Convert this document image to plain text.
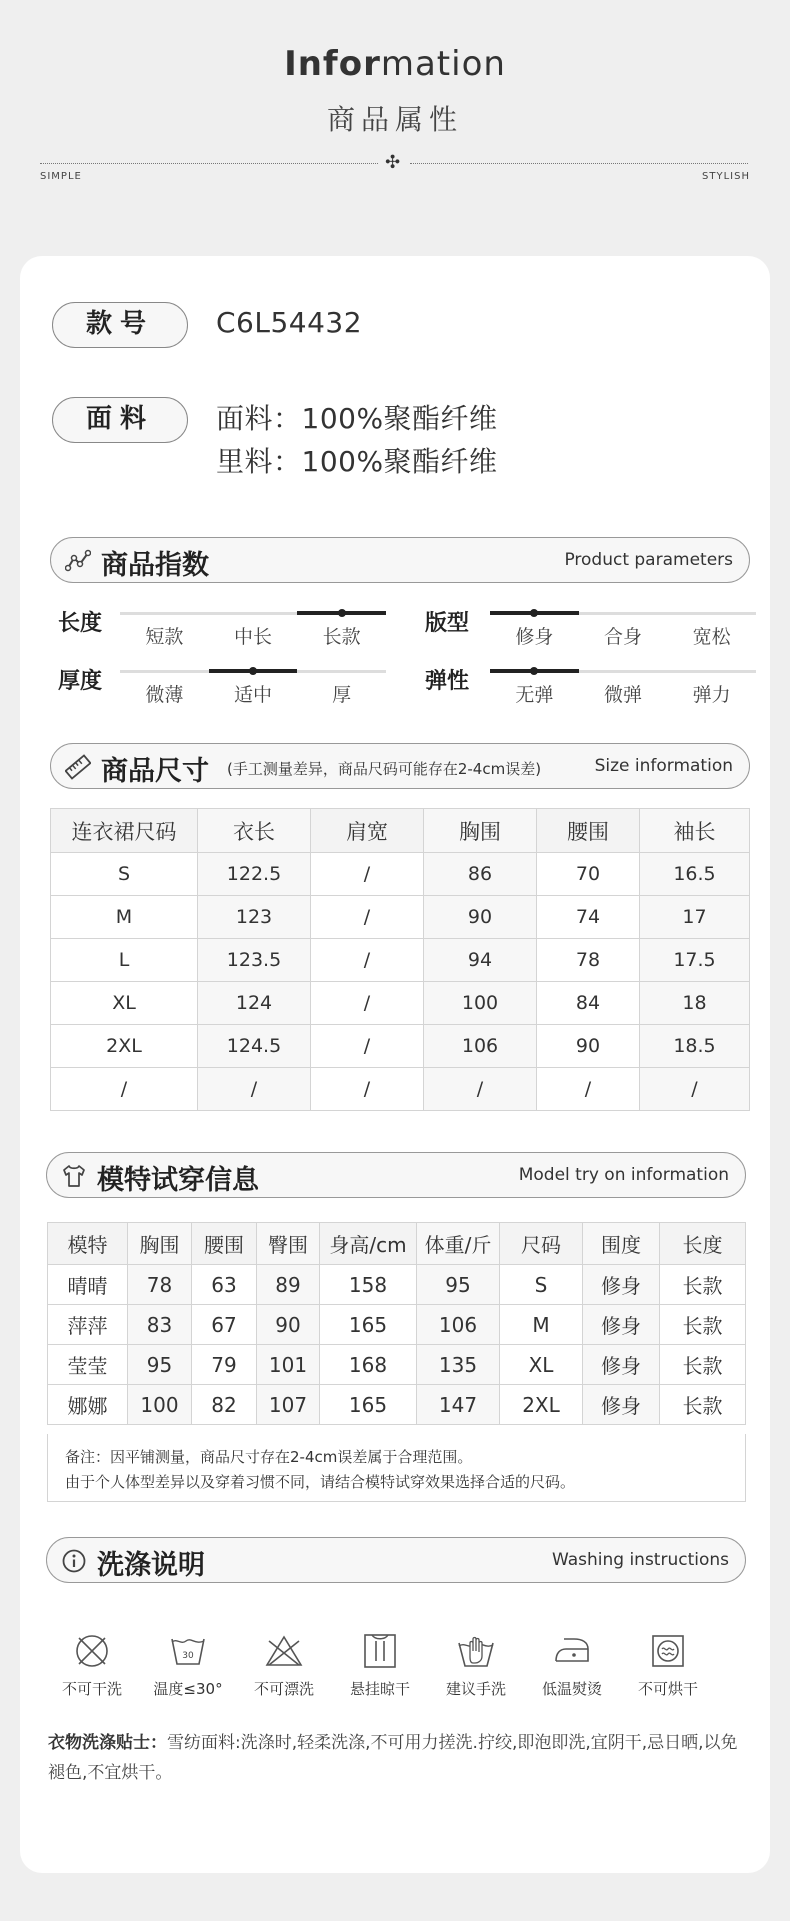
Information
商品属性
✣
SIMPLE	STYLISH
款号	C6L54432
面料	面料：100%聚酯纤维
里料：100%聚酯纤维
商品指数	Product parameters
长度
短款	中长	长款
版型
修身	合身	宽松
厚度
微薄	适中	厚
弹性
无弹	微弹	弹力
商品尺寸 (手工测量差异，商品尺码可能存在2-4cm误差)	Size information
连衣裙尺码	衣长	肩宽	胸围	腰围	袖长
S	122.5	/	86	70	16.5
M	123	/	90	74	17
L	123.5	/	94	78	17.5
XL	124	/	100	84	18
2XL	124.5	/	106	90	18.5
/	/	/	/	/	/
模特试穿信息	Model try on information
模特	胸围	腰围	臀围	身高/cm	体重/斤	尺码	围度	长度
晴晴	78	63	89	158	95	S	修身	长款
萍萍	83	67	90	165	106	M	修身	长款
莹莹	95	79	101	168	135	XL	修身	长款
娜娜	100	82	107	165	147	2XL	修身	长款
备注：因平铺测量，商品尺寸存在2-4cm误差属于合理范围。
由于个人体型差异以及穿着习惯不同，请结合模特试穿效果选择合适的尺码。
洗涤说明	Washing instructions
不可干洗
30
温度≤30°	不可漂洗	悬挂晾干	建议手洗	低温熨烫	不可烘干
衣物洗涤贴士：雪纺面料:洗涤时,轻柔洗涤,不可用力搓洗.拧绞,即泡即洗,宜阴干,忌日晒,以免褪色,不宜烘干。
